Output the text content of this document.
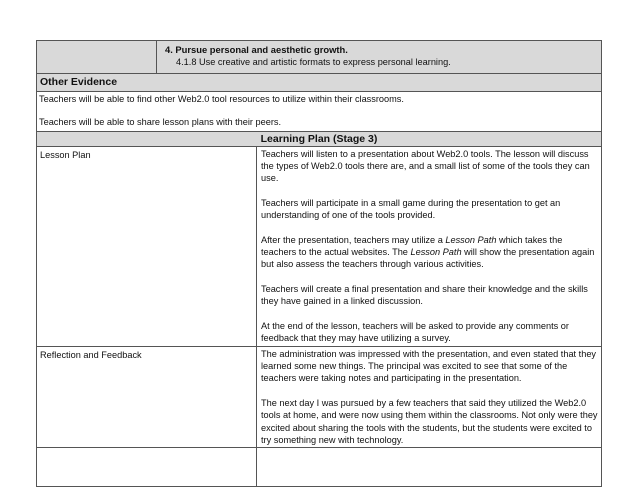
	4. Pursue personal and aesthetic growth.
4.1.8 Use creative and artistic formats to express personal learning.	

Other Evidence		

Teachers will be able to find other Web2.0 tool resources to utilize within their classrooms.

Teachers will be able to share lesson plans with their peers.		

Learning Plan (Stage 3)		
Lesson Plan		Teachers will listen to a presentation about Web2.0 tools. The lesson will discuss the types of Web2.0 tools there are, and a small list of some of the tools they can use.

Teachers will participate in a small game during the presentation to get an understanding of one of the tools provided.

After the presentation, teachers may utilize a Lesson Path which takes the teachers to the actual websites. The Lesson Path will show the presentation again but also assess the teachers through various activities.

Teachers will create a final presentation and share their knowledge and the skills they have gained in a linked discussion.

At the end of the lesson, teachers will be asked to provide any comments or feedback that they may have utilizing a survey.

Reflection and Feedback		The administration was impressed with the presentation, and even stated that they learned some new things. The principal was excited to see that some of the teachers were taking notes and participating in the presentation.

The next day I was pursued by a few teachers that said they utilized the Web2.0 tools at home, and were now using them within the classrooms. Not only were they excited about sharing the tools with the students, but the students were excited to try something new with technology.
